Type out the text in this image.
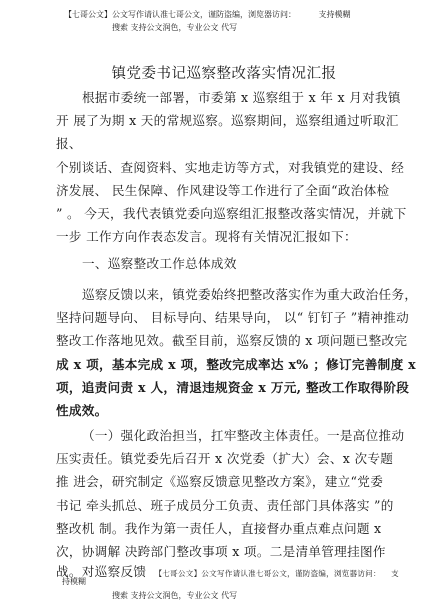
【七哥公文】公文写作请认准七哥公文，谨防盗编，浏览器访问：	支持模糊
搜索 支持公文润色，专业公文 代写
镇党委书记巡察整改落实情况汇报
根据市委统一部署，市委第 x 巡察组于 x 年 x 月对我镇
开 展了为期 x 天的常规巡察。巡察期间，巡察组通过听取汇
报、
个别谈话、查阅资料、实地走访等方式，对我镇党的建设、经
济发展、 民生保障、作风建设等工作进行了全面“政治体检
” 。 今天，我代表镇党委向巡察组汇报整改落实情况，并就下
一步 工作方向作表态发言。现将有关情况汇报如下：
一、巡察整改工作总体成效
巡察反馈以来，镇党委始终把整改落实作为重大政治任务，
坚持问题导向、 目标导向、结果导向， 以“ 钉钉子 ”精神推动
整改工作落地见效。截至目前，巡察反馈的 x 项问题已整改完
成 x 项，基本完成 x 项，整改完成率达 x% ；修订完善制度 x
项，追责问责 x 人，清退违规资金 x 万元, 整改工作取得阶段
性成效。
（一）强化政治担当，扛牢整改主体责任。一是高位推动
压实责任。镇党委先后召开 x 次党委（扩大）会、x 次专题
推 进会，研究制定《巡察反馈意见整改方案》，建立“党委
书记 牵头抓总、班子成员分工负责、责任部门具体落实 ”的
整改机 制。我作为第一责任人，直接督办重点难点问题 x
次，协调解 决跨部门整改事项 x 项。二是清单管理挂图作
战。对巡察反馈 【七哥公文】公文写作请认准七哥公文，谨防盗编，浏览器访问： 支
持模糊
搜索 支持公文润色，专业公文 代写
